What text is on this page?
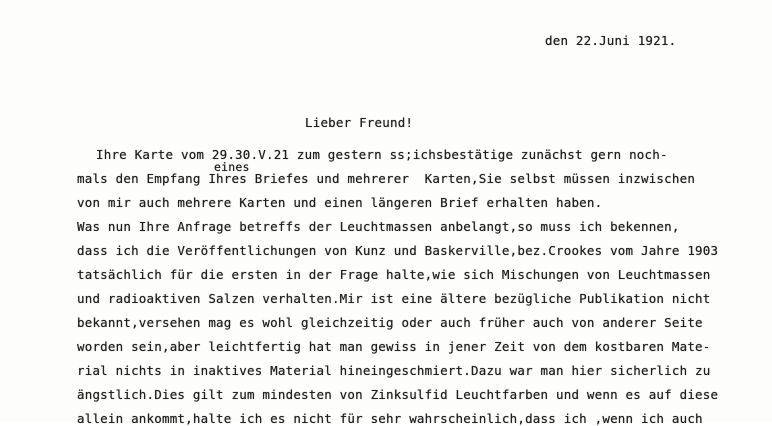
den 22.Juni 1921.
Lieber Freund!
eines
Ihre Karte vom 29.30.V.21 zum gestern ss;ichsbestätige zunächst gern noch-
mals den Empfang Ihres Briefes und mehrerer  Karten,Sie selbst müssen inzwischen
von mir auch mehrere Karten und einen längeren Brief erhalten haben.
Was nun Ihre Anfrage betreffs der Leuchtmassen anbelangt,so muss ich bekennen,
dass ich die Veröffentlichungen von Kunz und Baskerville,bez.Crookes vom Jahre 1903
tatsächlich für die ersten in der Frage halte,wie sich Mischungen von Leuchtmassen
und radioaktiven Salzen verhalten.Mir ist eine ältere bezügliche Publikation nicht
bekannt,versehen mag es wohl gleichzeitig oder auch früher auch von anderer Seite
worden sein,aber leichtfertig hat man gewiss in jener Zeit von dem kostbaren Mate-
rial nichts in inaktives Material hineingeschmiert.Dazu war man hier sicherlich zu
ängstlich.Dies gilt zum mindesten von Zinksulfid Leuchtfarben und wenn es auf diese
allein ankommt,halte ich es nicht für sehr wahrscheinlich,dass ich ,wenn ich auch
